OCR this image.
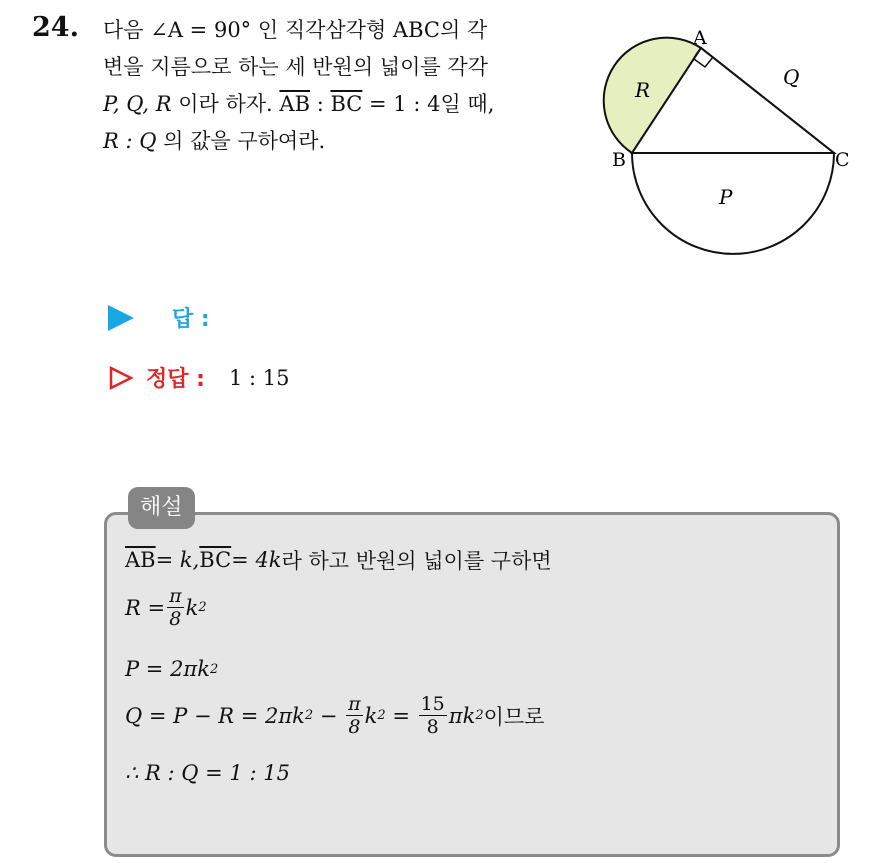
24. 다음 ∠A = 90° 인 직각삼각형 ABC의 각
변을 지름으로 하는 세 반원의 넓이를 각각
P, Q, R 이라 하자. $\overline{AB}$ : $\overline{BC} = 1$ : 4일 때,
R : Q 의 값을 구하여라.
A
B	C
P
Q
R
답 :
정답 : 1 : 15
해설
$\overline{AB} = k$, $\overline{BC} = 4k$ 라 하고 반원의 넓이를 구하면
$R = \frac{\pi}{8}$ k 2
P = 2πk 2
Q = P − R = 2πk $2 - \frac{\pi}{8}$ k $2 = \frac{15}{8}$ πk 2 이므로
∴ R : Q = 1 : 15
